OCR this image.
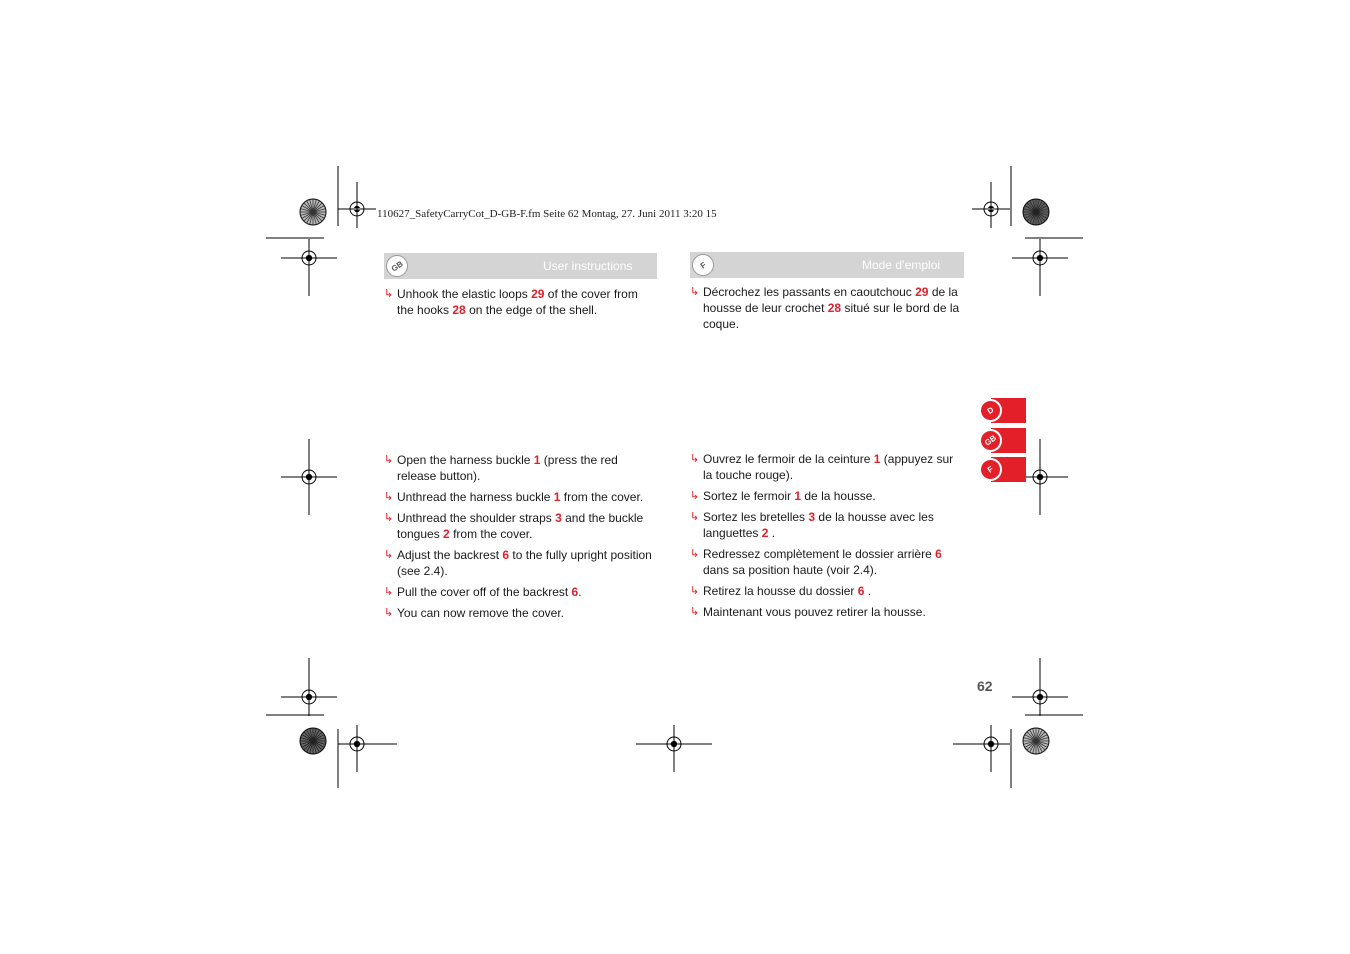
110627_SafetyCarryCot_D-GB-F.fm Seite 62 Montag, 27. Juni 2011 3:20 15
GB	User instructions	F	Mode d’emploi
↳ Unhook the elastic loops 29 of the cover from the hooks 28 on the edge of the shell.
↳ Décrochez les passants en caoutchouc 29 de la housse de leur crochet 28 situé sur le bord de la coque.
↳ Open the harness buckle 1 (press the red release button).
↳ Unthread the harness buckle 1 from the cover.
↳ Unthread the shoulder straps 3 and the buckle tongues 2 from the cover.
↳ Adjust the backrest 6 to the fully upright position (see 2.4).
↳ Pull the cover off of the backrest 6.
↳ You can now remove the cover.
↳ Ouvrez le fermoir de la ceinture 1 (appuyez sur la touche rouge).
↳ Sortez le fermoir 1 de la housse.
↳ Sortez les bretelles 3 de la housse avec les languettes 2 .
↳ Redressez complètement le dossier arrière 6 dans sa position haute (voir 2.4).
↳ Retirez la housse du dossier 6 .
↳ Maintenant vous pouvez retirer la housse.
D
GB
F
62
